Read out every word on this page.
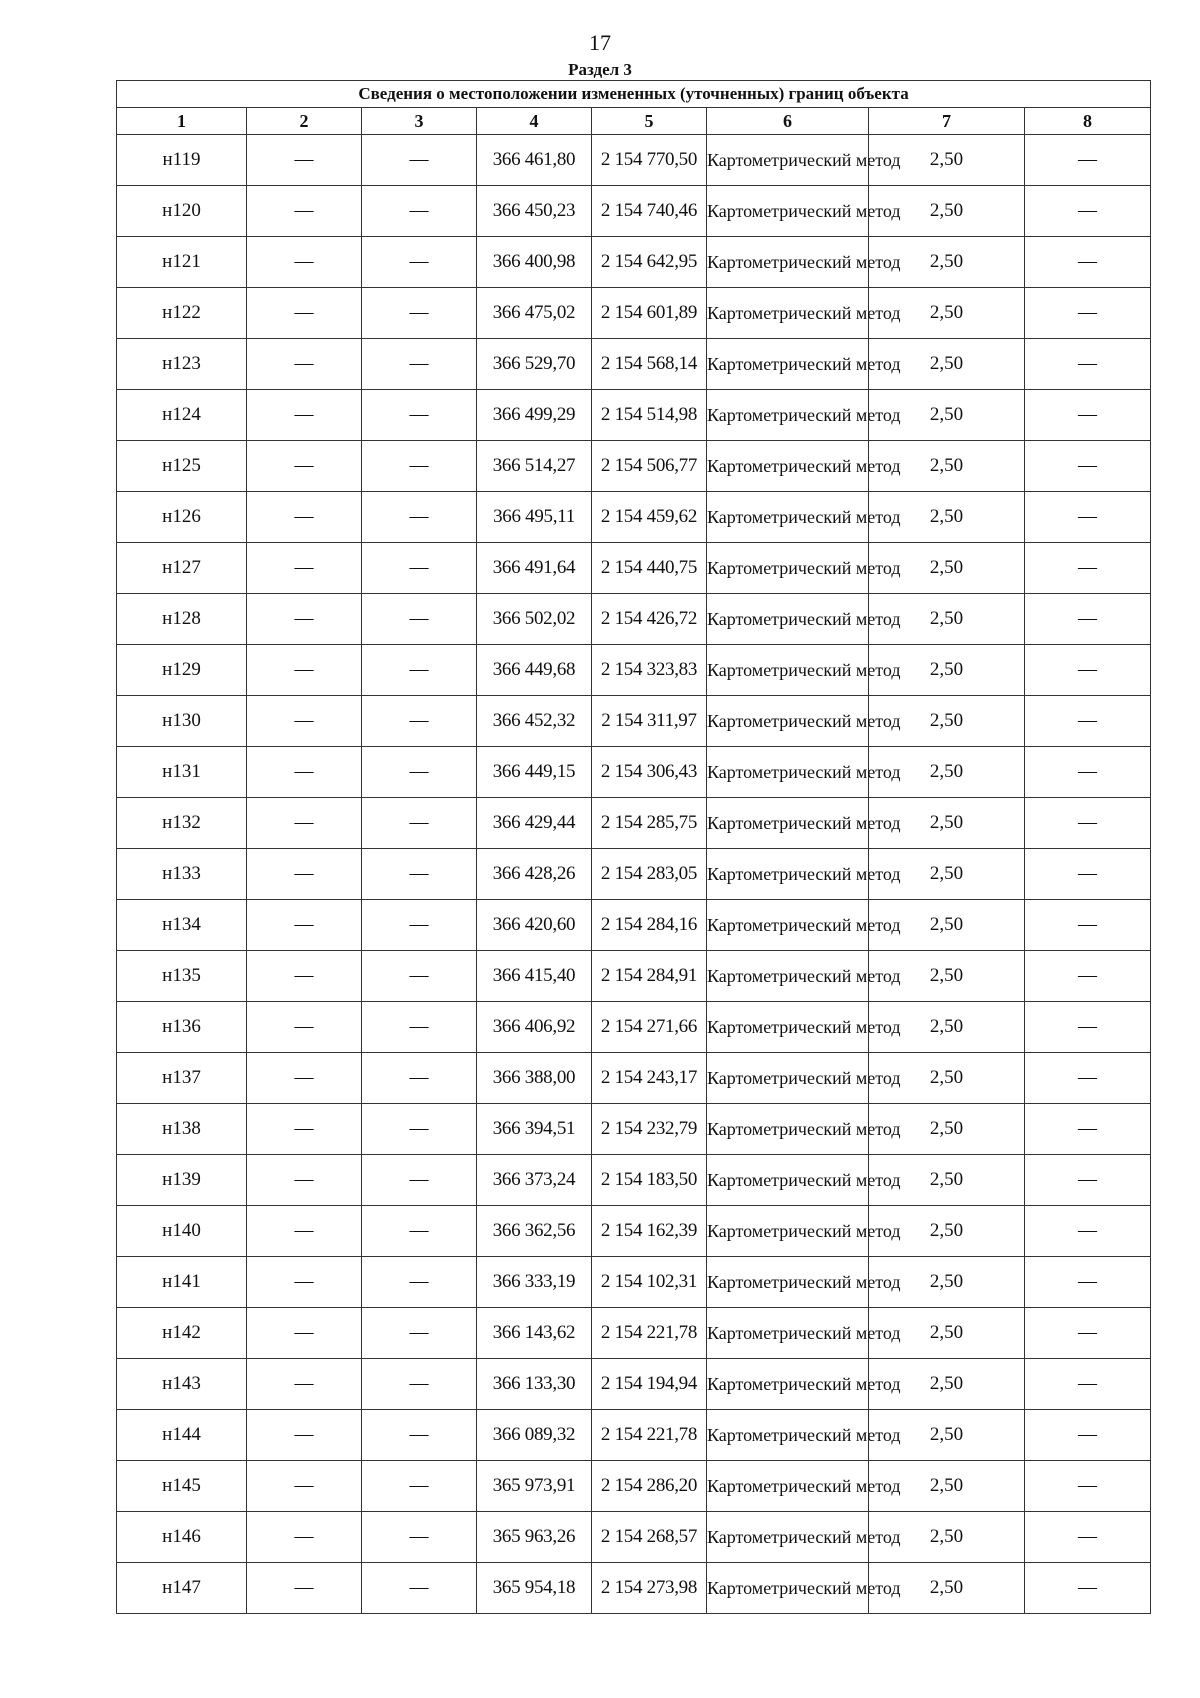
17
Раздел 3
Сведения о местоположении измененных (уточненных) границ объекта							
1	2	3	4	5	6	7	8
н119	—	—	366 461,80	2 154 770,50	Картометрический метод	2,50	—
н120	—	—	366 450,23	2 154 740,46	Картометрический метод	2,50	—
н121	—	—	366 400,98	2 154 642,95	Картометрический метод	2,50	—
н122	—	—	366 475,02	2 154 601,89	Картометрический метод	2,50	—
н123	—	—	366 529,70	2 154 568,14	Картометрический метод	2,50	—
н124	—	—	366 499,29	2 154 514,98	Картометрический метод	2,50	—
н125	—	—	366 514,27	2 154 506,77	Картометрический метод	2,50	—
н126	—	—	366 495,11	2 154 459,62	Картометрический метод	2,50	—
н127	—	—	366 491,64	2 154 440,75	Картометрический метод	2,50	—
н128	—	—	366 502,02	2 154 426,72	Картометрический метод	2,50	—
н129	—	—	366 449,68	2 154 323,83	Картометрический метод	2,50	—
н130	—	—	366 452,32	2 154 311,97	Картометрический метод	2,50	—
н131	—	—	366 449,15	2 154 306,43	Картометрический метод	2,50	—
н132	—	—	366 429,44	2 154 285,75	Картометрический метод	2,50	—
н133	—	—	366 428,26	2 154 283,05	Картометрический метод	2,50	—
н134	—	—	366 420,60	2 154 284,16	Картометрический метод	2,50	—
н135	—	—	366 415,40	2 154 284,91	Картометрический метод	2,50	—
н136	—	—	366 406,92	2 154 271,66	Картометрический метод	2,50	—
н137	—	—	366 388,00	2 154 243,17	Картометрический метод	2,50	—
н138	—	—	366 394,51	2 154 232,79	Картометрический метод	2,50	—
н139	—	—	366 373,24	2 154 183,50	Картометрический метод	2,50	—
н140	—	—	366 362,56	2 154 162,39	Картометрический метод	2,50	—
н141	—	—	366 333,19	2 154 102,31	Картометрический метод	2,50	—
н142	—	—	366 143,62	2 154 221,78	Картометрический метод	2,50	—
н143	—	—	366 133,30	2 154 194,94	Картометрический метод	2,50	—
н144	—	—	366 089,32	2 154 221,78	Картометрический метод	2,50	—
н145	—	—	365 973,91	2 154 286,20	Картометрический метод	2,50	—
н146	—	—	365 963,26	2 154 268,57	Картометрический метод	2,50	—
н147	—	—	365 954,18	2 154 273,98	Картометрический метод	2,50	—
